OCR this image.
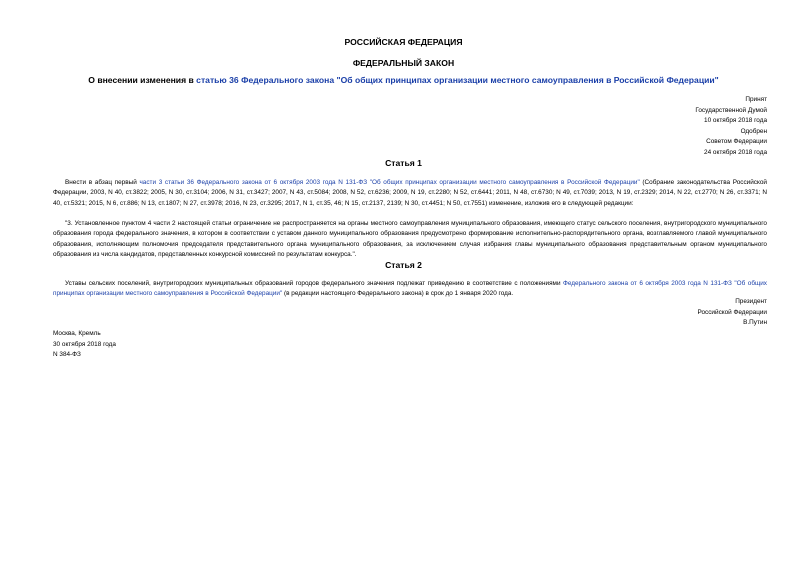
РОССИЙСКАЯ ФЕДЕРАЦИЯ
ФЕДЕРАЛЬНЫЙ ЗАКОН
О внесении изменения в статью 36 Федерального закона "Об общих принципах организации местного самоуправления в Российской Федерации"
Принят
Государственной Думой
10 октября 2018 года
Одобрен
Советом Федерации
24 октября 2018 года
Статья 1
Внести в абзац первый части 3 статьи 36 Федерального закона от 6 октября 2003 года N 131-ФЗ "Об общих принципах организации местного самоуправления в Российской Федерации" (Собрание законодательства Российской Федерации, 2003, N 40, ст.3822; 2005, N 30, ст.3104; 2006, N 31, ст.3427; 2007, N 43, ст.5084; 2008, N 52, ст.6236; 2009, N 19, ст.2280; N 52, ст.6441; 2011, N 48, ст.6730; N 49, ст.7039; 2013, N 19, ст.2329; 2014, N 22, ст.2770; N 26, ст.3371; N 40, ст.5321; 2015, N 6, ст.886; N 13, ст.1807; N 27, ст.3978; 2016, N 23, ст.3295; 2017, N 1, ст.35, 46; N 15, ст.2137, 2139; N 30, ст.4451; N 50, ст.7551) изменение, изложив его в следующей редакции:
"3. Установленное пунктом 4 части 2 настоящей статьи ограничение не распространяется на органы местного самоуправления муниципального образования, имеющего статус сельского поселения, внутригородского муниципального образования города федерального значения, в котором в соответствии с уставом данного муниципального образования предусмотрено формирование исполнительно-распорядительного органа, возглавляемого главой муниципального образования, исполняющим полномочия председателя представительного органа муниципального образования, за исключением случая избрания главы муниципального образования представительным органом муниципального образования из числа кандидатов, представленных конкурсной комиссией по результатам конкурса.".
Статья 2
Уставы сельских поселений, внутригородских муниципальных образований городов федерального значения подлежат приведению в соответствие с положениями Федерального закона от 6 октября 2003 года N 131-ФЗ "Об общих принципах организации местного самоуправления в Российской Федерации" (в редакции настоящего Федерального закона) в срок до 1 января 2020 года.
Президент
Российской Федерации
В.Путин
Москва, Кремль
30 октября 2018 года
N 384-ФЗ
